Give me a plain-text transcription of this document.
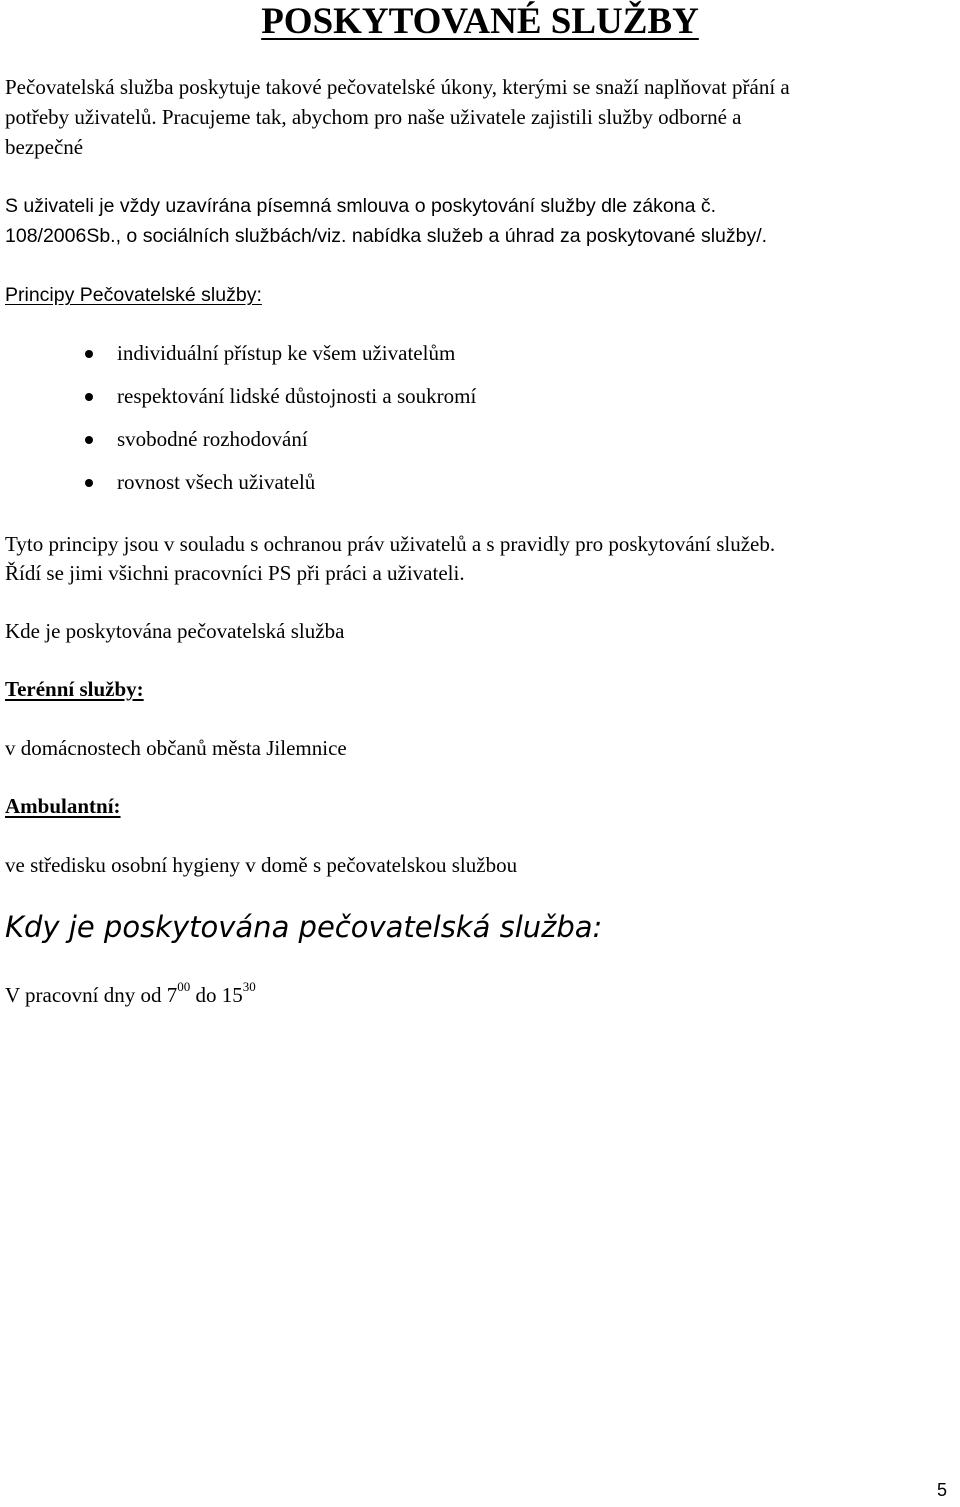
POSKYTOVANÉ SLUŽBY
Pečovatelská služba poskytuje takové pečovatelské úkony, kterými se snaží naplňovat přání a
potřeby uživatelů. Pracujeme tak, abychom pro naše uživatele zajistili služby odborné a
bezpečné
S uživateli je vždy uzavírána písemná smlouva o poskytování služby dle zákona č.
108/2006Sb., o sociálních službách/viz. nabídka služeb a úhrad za poskytované služby/.
Principy Pečovatelské služby:
individuální přístup ke všem uživatelům
respektování lidské důstojnosti a soukromí
svobodné rozhodování
rovnost všech uživatelů
Tyto principy jsou v souladu s ochranou práv uživatelů a s pravidly pro poskytování služeb.
Řídí se jimi všichni pracovníci PS při práci a uživateli.
Kde je poskytována pečovatelská služba
Terénní služby:
v domácnostech občanů města Jilemnice
Ambulantní:
ve středisku osobní hygieny v domě s pečovatelskou službou
Kdy je poskytována pečovatelská služba:
V pracovní dny od $7^{00}$ do $15^{30}$
5
